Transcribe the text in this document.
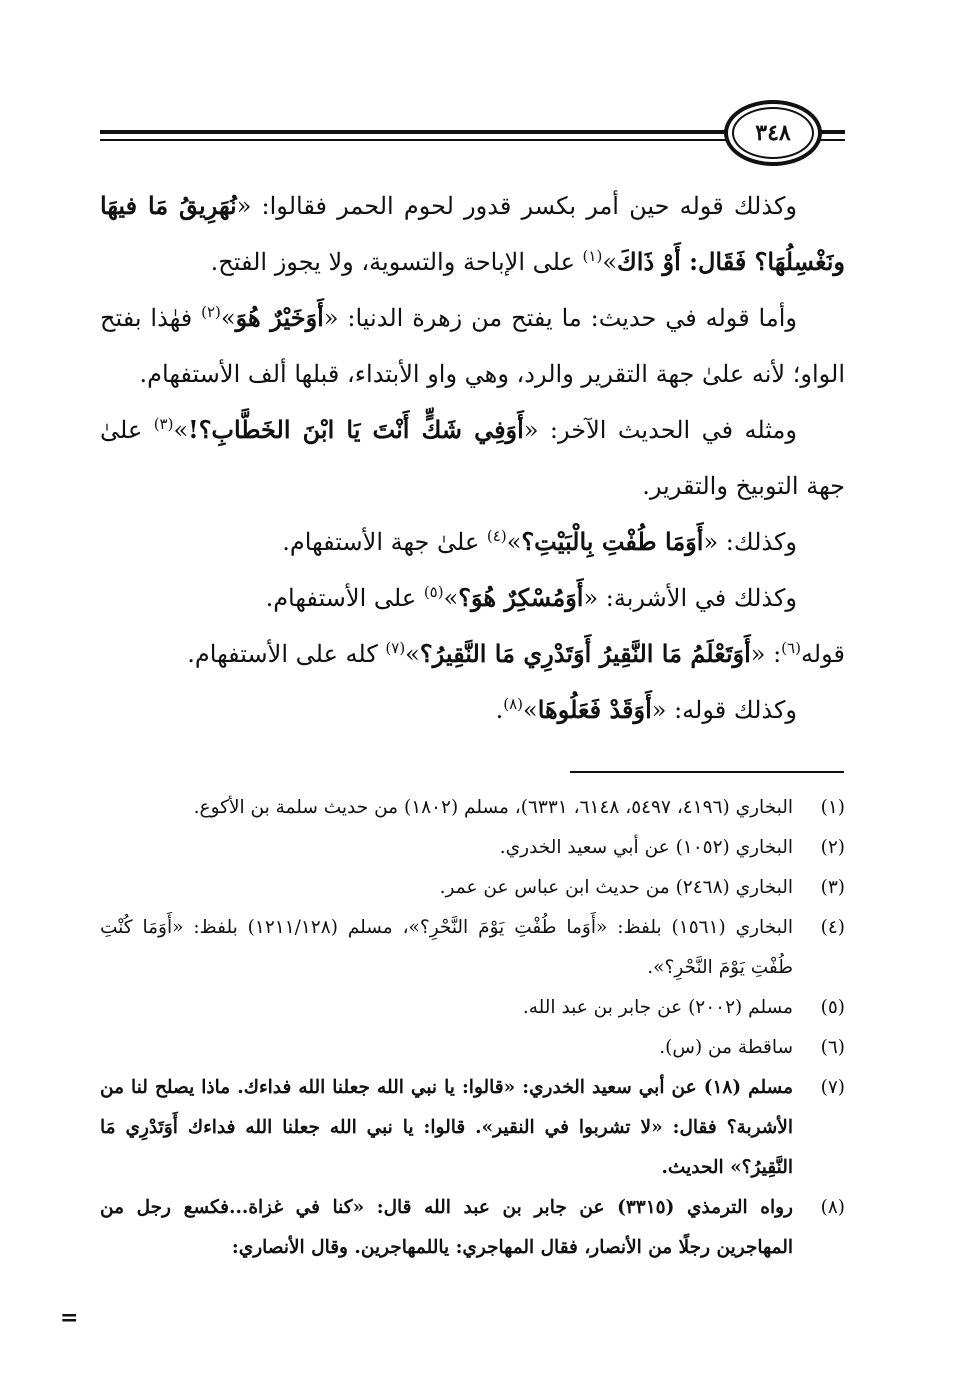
٣٤٨

وكذلك قوله حين أمر بكسر قدور لحوم الحمر فقالوا: «نُهَرِيقُ مَا فيهَا ونَغْسِلُهَا؟ فَقَال: أَوْ ذَاكَ»$^{(١)}$ على الإباحة والتسوية، ولا يجوز الفتح.

وأما قوله في حديث: ما يفتح من زهرة الدنيا: «أَوَخَيْرٌ هُوَ»$^{(٢)}$ فهٰذا بفتح الواو؛ لأنه علىٰ جهة التقرير والرد، وهي واو الأبتداء، قبلها ألف الأستفهام.

ومثله في الحديث الآخر: «أَوَفِي شَكٍّ أَنْتَ يَا ابْنَ الخَطَّابِ؟!»$^{(٣)}$ علىٰ جهة التوبيخ والتقرير.

وكذلك: «أَوَمَا طُفْتِ بِالْبَيْتِ؟»$^{(٤)}$ علىٰ جهة الأستفهام.

وكذلك في الأشربة: «أَوَمُسْكِرٌ هُوَ؟»$^{(٥)}$ على الأستفهام.

قوله$^{(٦)}$: «أَوَتَعْلَمُ مَا النَّقِيرُ أَوَتَدْرِي مَا النَّقِيرُ؟»$^{(٧)}$ كله على الأستفهام.

وكذلك قوله: «أَوَقَدْ فَعَلُوهَا»$^{(٨)}$.

(١)
البخاري (٤١٩٦، ٥٤٩٧، ٦١٤٨، ٦٣٣١)، مسلم (١٨٠٢) من حديث سلمة بن الأكوع.
(٢)
البخاري (١٠٥٢) عن أبي سعيد الخدري.
(٣)
البخاري (٢٤٦٨) من حديث ابن عباس عن عمر.
(٤)
البخاري (١٥٦١) بلفظ: «أَوَما طُفْتِ يَوْمَ النَّحْرِ؟»، مسلم (١٢١١/١٢٨) بلفظ: «أَوَمَا كُنْتِ طُفْتِ يَوْمَ النَّحْرِ؟».
(٥)
مسلم (٢٠٠٢) عن جابر بن عبد الله.
(٦)
ساقطة من (س).
(٧)
مسلم (١٨) عن أبي سعيد الخدري: «قالوا: يا نبي الله جعلنا الله فداءك. ماذا يصلح لنا من الأشربة؟ فقال: «لا تشربوا في النقير». قالوا: يا نبي الله جعلنا الله فداءك أَوَتَدْرِي مَا النَّقِيرُ؟» الحديث.
(٨)
رواه الترمذي (٣٣١٥) عن جابر بن عبد الله قال: «كنا في غزاة...فكسع رجل من المهاجرين رجلًا من الأنصار، فقال المهاجري: ياللمهاجرين. وقال الأنصاري:
=
